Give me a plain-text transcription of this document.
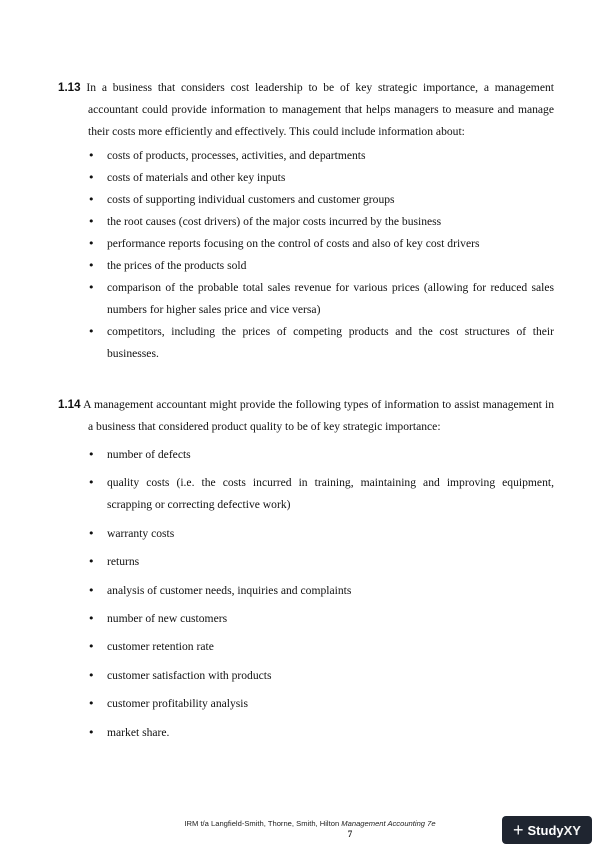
1.13 In a business that considers cost leadership to be of key strategic importance, a management accountant could provide information to management that helps managers to measure and manage their costs more efficiently and effectively. This could include information about:
• costs of products, processes, activities, and departments
• costs of materials and other key inputs
• costs of supporting individual customers and customer groups
• the root causes (cost drivers) of the major costs incurred by the business
• performance reports focusing on the control of costs and also of key cost drivers
• the prices of the products sold
• comparison of the probable total sales revenue for various prices (allowing for reduced sales numbers for higher sales price and vice versa)
• competitors, including the prices of competing products and the cost structures of their businesses.
1.14 A management accountant might provide the following types of information to assist management in a business that considered product quality to be of key strategic importance:
• number of defects
• quality costs (i.e. the costs incurred in training, maintaining and improving equipment, scrapping or correcting defective work)
• warranty costs
• returns
• analysis of customer needs, inquiries and complaints
• number of new customers
• customer retention rate
• customer satisfaction with products
• customer profitability analysis
• market share.
IRM t/a Langfield-Smith, Thorne, Smith, Hilton Management Accounting 7e
7	+ StudyXY
